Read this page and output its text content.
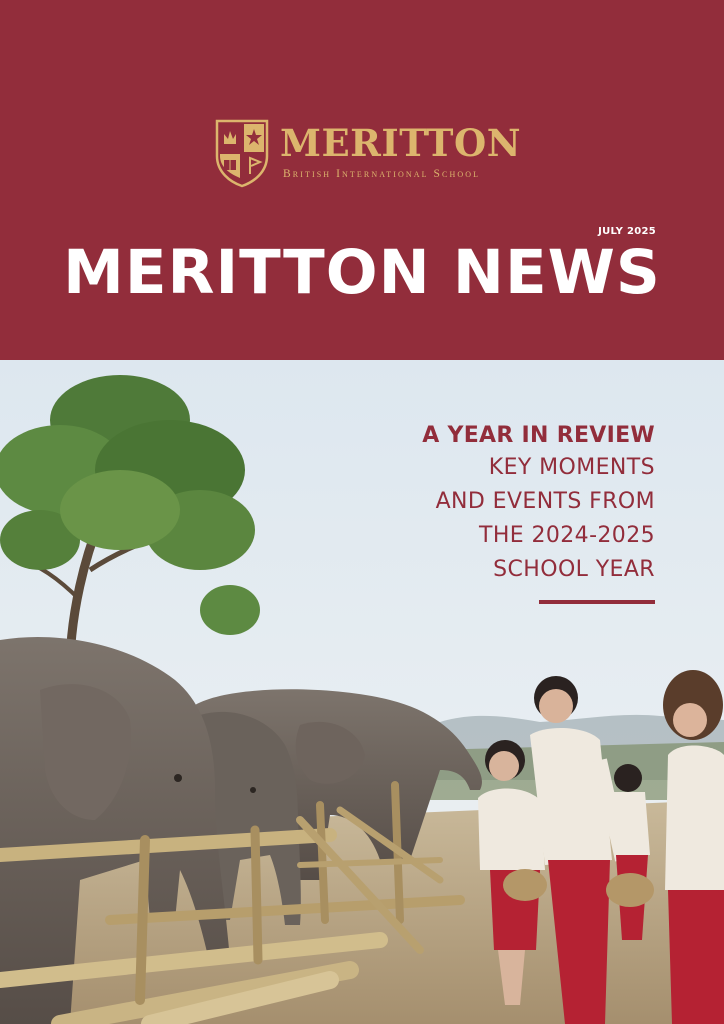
MERITTON
British International School
JULY 2025
MERITTON NEWS
A YEAR IN REVIEW
KEY MOMENTS
AND EVENTS FROM
THE 2024-2025
SCHOOL YEAR
